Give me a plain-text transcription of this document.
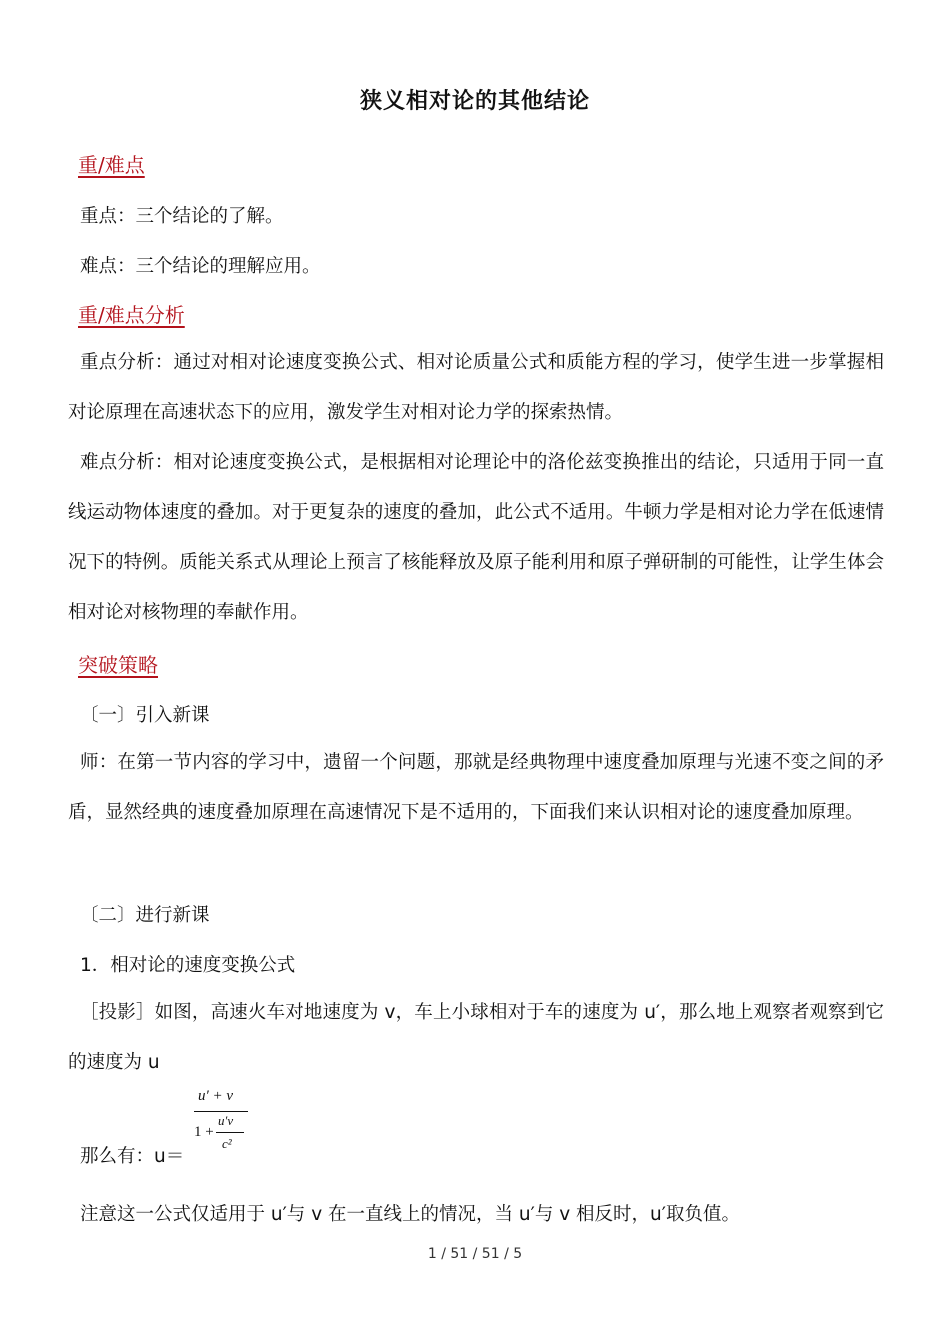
狭义相对论的其他结论
重/难点
重点：三个结论的了解。
难点：三个结论的理解应用。
重/难点分析
重点分析：通过对相对论速度变换公式、相对论质量公式和质能方程的学习，使学生进一步掌握相对论原理在高速状态下的应用，激发学生对相对论力学的探索热情。
难点分析：相对论速度变换公式，是根据相对论理论中的洛伦兹变换推出的结论，只适用于同一直线运动物体速度的叠加。对于更复杂的速度的叠加，此公式不适用。牛顿力学是相对论力学在低速情况下的特例。质能关系式从理论上预言了核能释放及原子能利用和原子弹研制的可能性，让学生体会相对论对核物理的奉献作用。
突破策略
〔一〕引入新课
师：在第一节内容的学习中，遗留一个问题，那就是经典物理中速度叠加原理与光速不变之间的矛盾，显然经典的速度叠加原理在高速情况下是不适用的，下面我们来认识相对论的速度叠加原理。
〔二〕进行新课
1．相对论的速度变换公式
［投影］如图，高速火车对地速度为 v，车上小球相对于车的速度为 u′，那么地上观察者观察到它的速度为 u
u′ + v
1 +
u′v
c²
那么有：u＝
注意这一公式仅适用于 u′与 v 在一直线上的情况，当 u′与 v 相反时，u′取负值。
1 / 51 / 51 / 5
